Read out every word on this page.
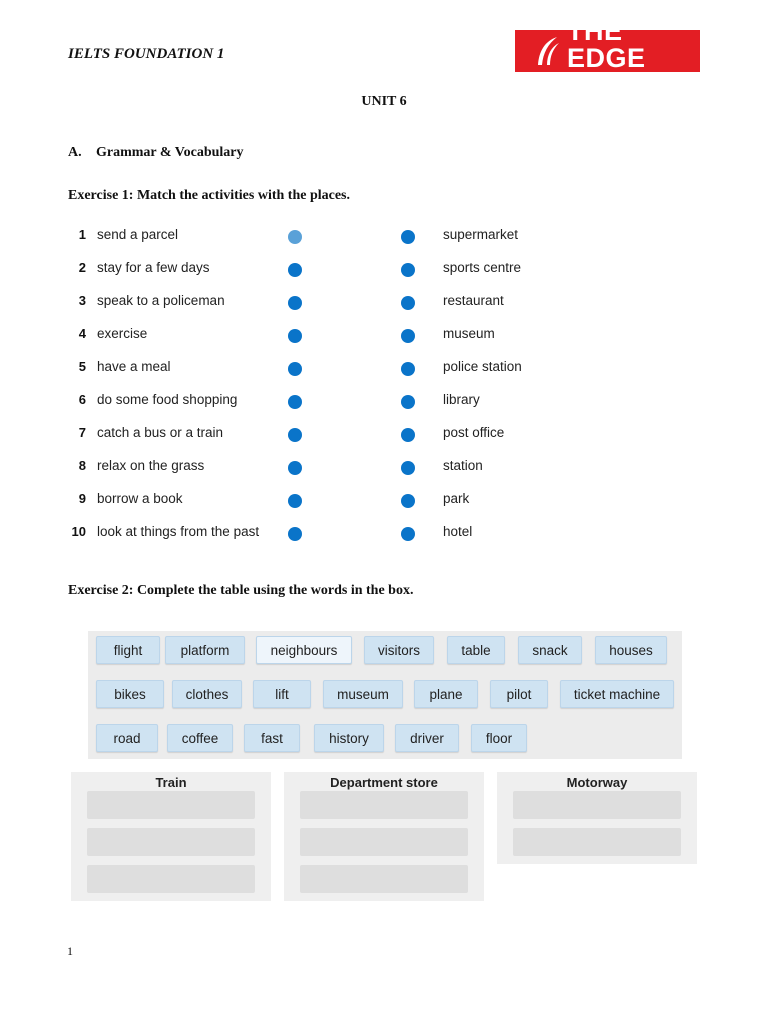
IELTS FOUNDATION 1
THE EDGE
LEARNING CENTER
UNIT 6
A. Grammar & Vocabulary
Exercise 1: Match the activities with the places.
1 send a parcel	supermarket
2 stay for a few days	sports centre
3 speak to a policeman	restaurant
4 exercise	museum
5 have a meal	police station
6 do some food shopping	library
7 catch a bus or a train	post office
8 relax on the grass	station
9 borrow a book	park
10 look at things from the past	hotel
Exercise 2: Complete the table using the words in the box.
flight	platform	neighbours	visitors	table	snack	houses
bikes	clothes	lift	museum	plane	pilot	ticket machine
road	coffee	fast	history	driver	floor
Train	Department store	Motorway
1
